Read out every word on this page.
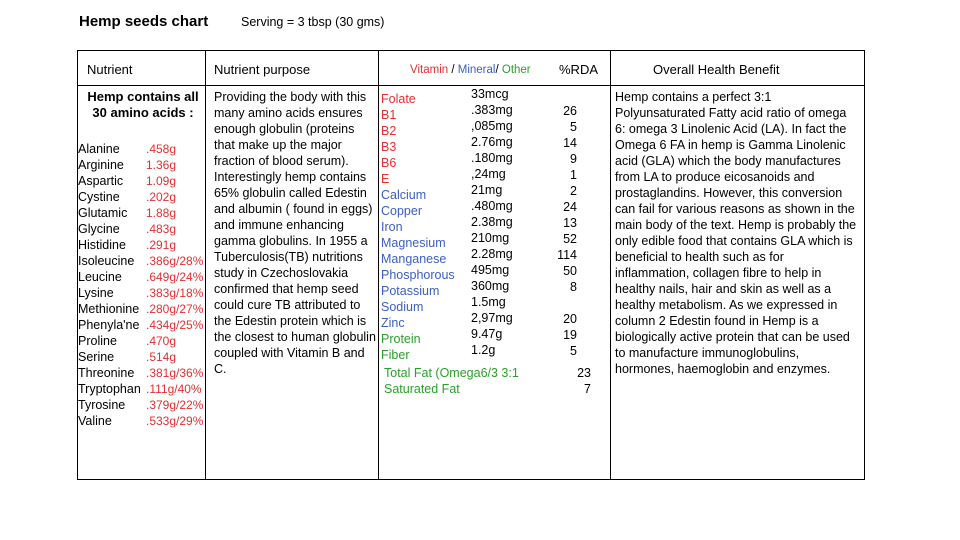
Hemp seeds chart	Serving = 3 tbsp (30 gms)
Nutrient	Nutrient purpose	Vitamin / Mineral/ Other %RDA	Overall Health Benefit
Hemp contains all 30 amino acids :
Alanine .458g
Arginine 1.36g
Aspartic 1.09g
Cystine .202g
Glutamic 1.88g
Glycine .483g
Histidine .291g
Isoleucine .386g/28%
Leucine .649g/24%
Lysine	.383g/18%
Methionine .280g/27%
Phenyla'ne .434g/25%
Proline .470g
Serine	.514g
Threonine .381g/36%
Tryptophan .111g/40%
Tyrosine .379g/22%
Valine	.533g/29%
Providing the body with this many amino acids ensures enough globulin (proteins that make up the major fraction of blood serum). Interestingly hemp contains 65% globulin called Edestin and albumin ( found in eggs) and immune enhancing gamma globulins. In 1955 a Tuberculosis(TB) nutritions study in Czechoslovakia confirmed that hemp seed could cure TB attributed to the Edestin protein which is the closest to human globulin coupled with Vitamin B and C.
Folate	33mcg
B1	.383mg	26
B2	,085mg	5
B3	2.76mg	14
B6	.180mg	9
E	,24mg	1
Calcium	21mg	2
Copper	.480mg	24
Iron	2.38mg	13
Magnesium 210mg	52
Manganese 2.28mg	114
Phosphorous 495mg	50
Potassium	360mg	8
Sodium	1.5mg
Zinc	2,97mg	20
Protein	9.47g	19
Fiber	1.2g	5
Total Fat (Omega6/3 3:1	23
Saturated Fat	7
Hemp contains a perfect 3:1 Polyunsaturated Fatty acid ratio of omega 6: omega 3 Linolenic Acid (LA). In fact the Omega 6 FA in hemp is Gamma Linolenic acid (GLA) which the body manufactures from LA to produce eicosanoids and prostaglandins. However, this conversion can fail for various reasons as shown in the main body of the text. Hemp is probably the only edible food that contains GLA which is beneficial to health such as for inflammation, collagen fibre to help in healthy nails, hair and skin as well as a healthy metabolism. As we expressed in column 2 Edestin found in Hemp is a biologically active protein that can be used to manufacture immunoglobulins, hormones, haemoglobin and enzymes.
